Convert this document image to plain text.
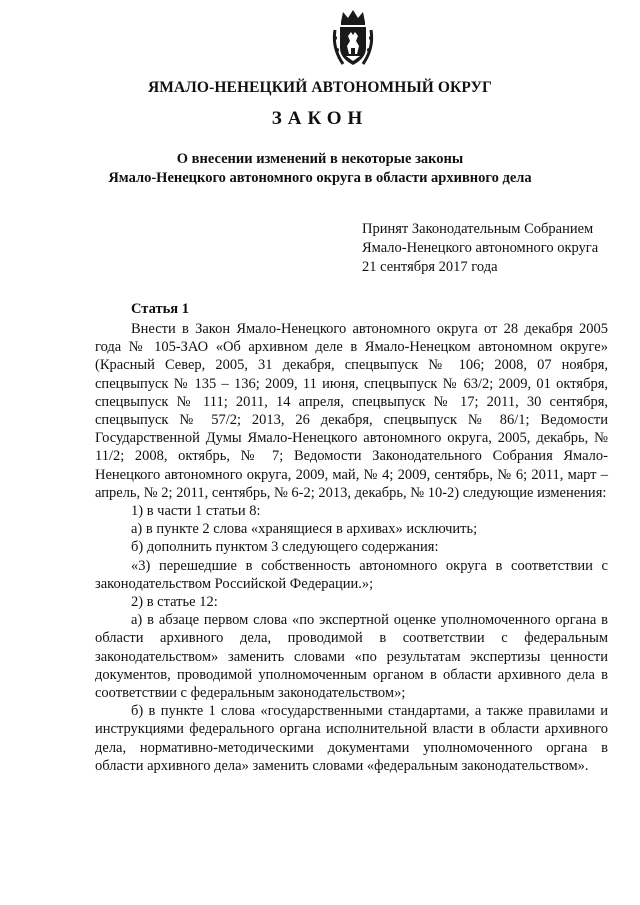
ЯМАЛО-НЕНЕЦКИЙ АВТОНОМНЫЙ ОКРУГ
ЗАКОН
О внесении изменений в некоторые законы
Ямало-Ненецкого автономного округа в области архивного дела
Принят Законодательным Собранием
Ямало-Ненецкого автономного округа
21 сентября 2017 года
Статья 1

Внести в Закон Ямало-Ненецкого автономного округа от 28 декабря 2005 года № 105-ЗАО «Об архивном деле в Ямало-Ненецком автономном округе» (Красный Север, 2005, 31 декабря, спецвыпуск № 106; 2008, 07 ноября, спецвыпуск № 135 – 136; 2009, 11 июня, спецвыпуск № 63/2; 2009, 01 октября, спецвыпуск № 111; 2011, 14 апреля, спецвыпуск № 17; 2011, 30 сентября, спецвыпуск № 57/2; 2013, 26 декабря, спецвыпуск № 86/1; Ведомости Государственной Думы Ямало-Ненецкого автономного округа, 2005, декабрь, № 11/2; 2008, октябрь, № 7; Ведомости Законодательного Собрания Ямало-Ненецкого автономного округа, 2009, май, № 4; 2009, сентябрь, № 6; 2011, март – апрель, № 2; 2011, сентябрь, № 6-2; 2013, декабрь, № 10-2) следующие изменения:

1) в части 1 статьи 8:

а) в пункте 2 слова «хранящиеся в архивах» исключить;

б) дополнить пунктом 3 следующего содержания:

«3) перешедшие в собственность автономного округа в соответствии с законодательством Российской Федерации.»;

2) в статье 12:

а) в абзаце первом слова «по экспертной оценке уполномоченного органа в области архивного дела, проводимой в соответствии с федеральным законодательством» заменить словами «по результатам экспертизы ценности документов, проводимой уполномоченным органом в области архивного дела в соответствии с федеральным законодательством»;

б) в пункте 1 слова «государственными стандартами, а также правилами и инструкциями федерального органа исполнительной власти в области архивного дела, нормативно-методическими документами уполномоченного органа в области архивного дела» заменить словами «федеральным законодательством».
